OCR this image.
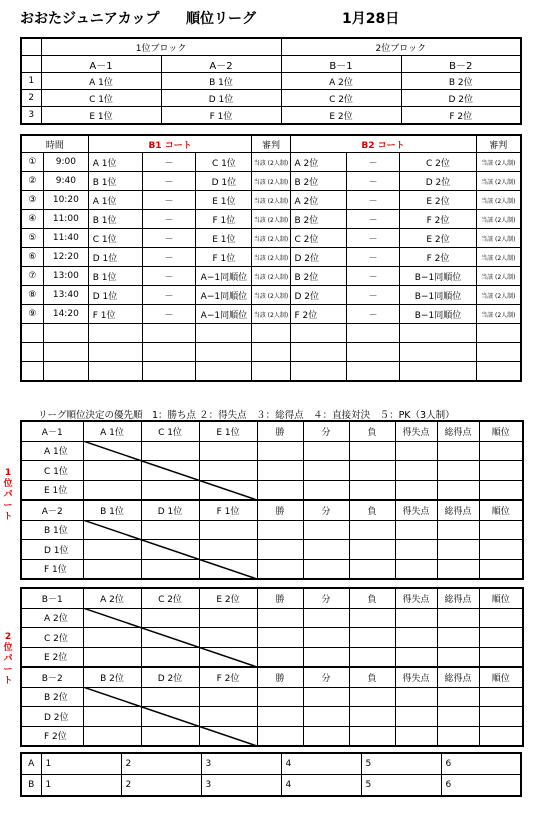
おおたジュニアカップ 順位リーグ	1月28日
	1位ブロック		2位ブロック	
	A－1	A－2	B－1	B－2
1	A 1位	B 1位	A 2位	B 2位
2	C 1位	D 1位	C 2位	D 2位
3	E 1位	F 1位	E 2位	F 2位
時間		B1 コート			審判	B2 コート			審判
①	9:00	A 1位	－	C 1位	当該 (2人制)	A 2位	－	C 2位	当該 (2人制)
②	9:40	B 1位	－	D 1位	当該 (2人制)	B 2位	－	D 2位	当該 (2人制)
③	10:20	A 1位	－	E 1位	当該 (2人制)	A 2位	－	E 2位	当該 (2人制)
④	11:00	B 1位	－	F 1位	当該 (2人制)	B 2位	－	F 2位	当該 (2人制)
⑤	11:40	C 1位	－	E 1位	当該 (2人制)	C 2位	－	E 2位	当該 (2人制)
⑥	12:20	D 1位	－	F 1位	当該 (2人制)	D 2位	－	F 2位	当該 (2人制)
⑦	13:00	B 1位	－	A−1同順位	当該 (2人制)	B 2位	－	B−1同順位	当該 (2人制)
⑧	13:40	D 1位	－	A−1同順位	当該 (2人制)	D 2位	－	B−1同順位	当該 (2人制)
⑨	14:20	F 1位	－	A−1同順位	当該 (2人制)	F 2位	－	B−1同順位	当該 (2人制)

リーグ順位決定の優先順　1：勝ち点 ２：得失点　３：総得点　４：直接対決　５：PK（3人制）
1
位
パ
ー
ト
2
位
パ
ー
ト
A－1	A 1位	C 1位	E 1位	勝	分	負	得失点	総得点	順位
A 1位									
C 1位									
E 1位									
A－2	B 1位	D 1位	F 1位	勝	分	負	得失点	総得点	順位
B 1位									
D 1位									
F 1位									
B－1	A 2位	C 2位	E 2位	勝	分	負	得失点	総得点	順位
A 2位									
C 2位									
E 2位									
B－2	B 2位	D 2位	F 2位	勝	分	負	得失点	総得点	順位
B 2位									
D 2位									
F 2位									
A	1	2	3	4	5	6
B	1	2	3	4	5	6
